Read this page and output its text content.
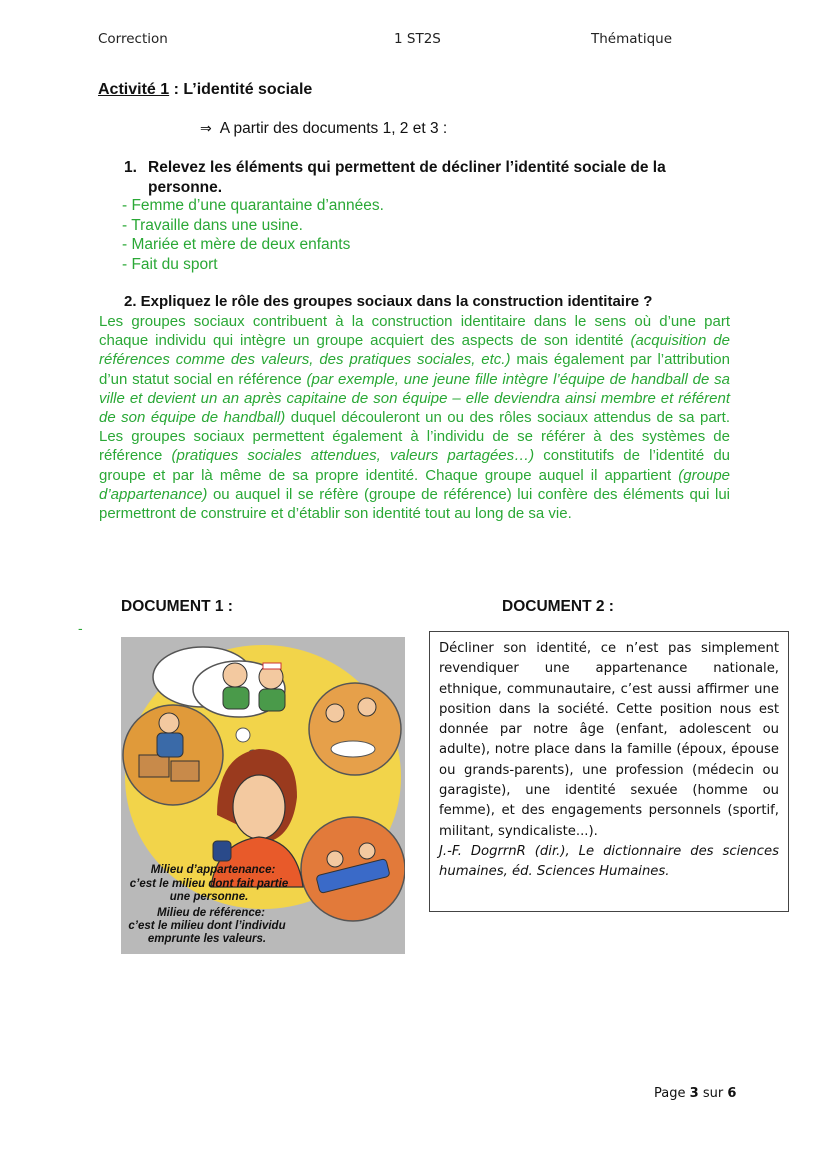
Correction	1 ST2S	Thématique
Activité 1 : L’identité sociale
⇒ A partir des documents 1, 2 et 3 :
1. Relevez les éléments qui permettent de décliner l’identité sociale de la
personne.
- Femme d’une quarantaine d’années.
- Travaille dans une usine.
- Mariée et mère de deux enfants
- Fait du sport
2. Expliquez le rôle des groupes sociaux dans la construction identitaire ?
Les groupes sociaux contribuent à la construction identitaire dans le sens où d’une part chaque individu qui intègre un groupe acquiert des aspects de son identité (acquisition de références comme des valeurs, des pratiques sociales, etc.) mais également par l’attribution d’un statut social en référence (par exemple, une jeune fille intègre l’équipe de handball de sa ville et devient un an après capitaine de son équipe – elle deviendra ainsi membre et référent de son équipe de handball) duquel découleront un ou des rôles sociaux attendus de sa part. Les groupes sociaux permettent également à l’individu de se référer à des systèmes de référence (pratiques sociales attendues, valeurs partagées…) constitutifs de l’identité du groupe et par là même de sa propre identité. Chaque groupe auquel il appartient (groupe d’appartenance) ou auquel il se réfère (groupe de référence) lui confère des éléments qui lui permettront de construire et d’établir son identité tout au long de sa vie.
DOCUMENT 1 :	DOCUMENT 2 :
-
Milieu d’appartenance:
c’est le milieu dont fait partie
une personne.
Milieu de référence:
c’est le milieu dont l’individu
emprunte les valeurs.
Décliner son identité, ce n’est pas simplement revendiquer une appartenance nationale, ethnique, communautaire, c’est aussi affirmer une position dans la société. Cette position nous est donnée par notre âge (enfant, adolescent ou adulte), notre place dans la famille (époux, épouse ou grands-parents), une profession (médecin ou garagiste), une identité sexuée (homme ou femme), et des engagements personnels (sportif, militant, syndicaliste...).
J.-F. DogrrnR (dir.), Le dictionnaire des sciences humaines, éd. Sciences Humaines.
Page 3 sur 6
